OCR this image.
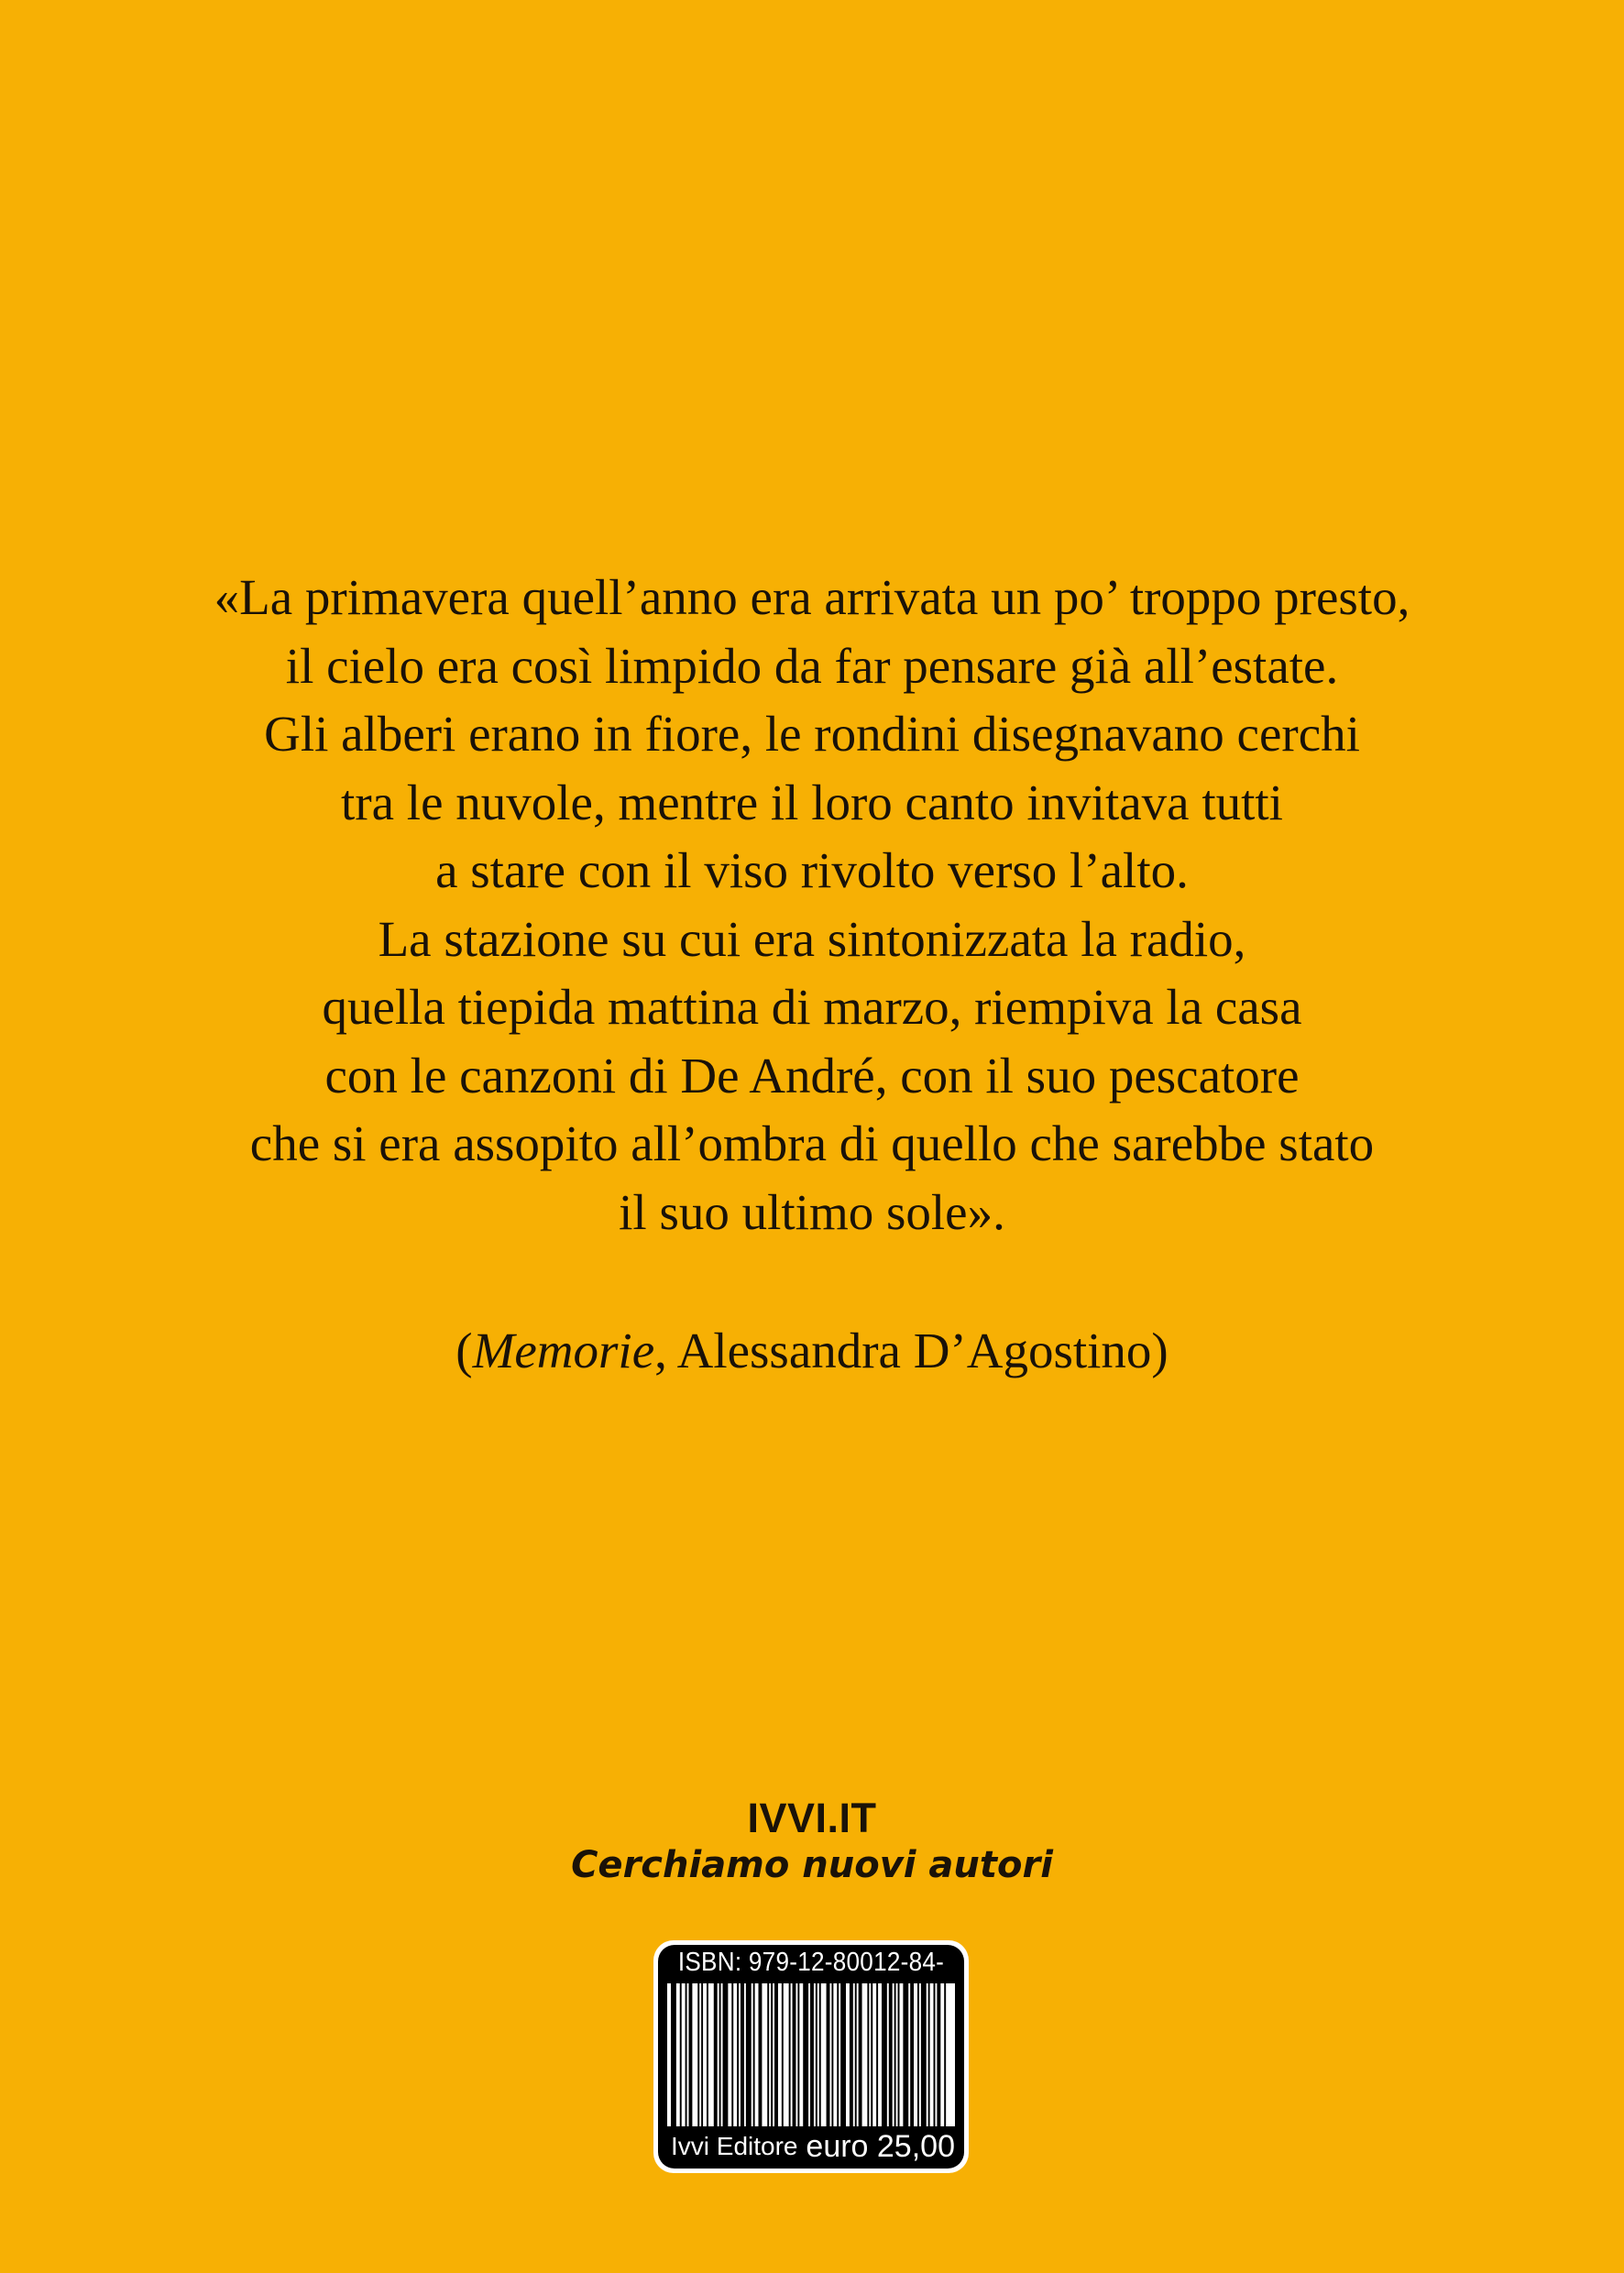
«La primavera quell’anno era arrivata un po’ troppo presto,
il cielo era così limpido da far pensare già all’estate.
Gli alberi erano in fiore, le rondini disegnavano cerchi
tra le nuvole, mentre il loro canto invitava tutti
a stare con il viso rivolto verso l’alto.
La stazione su cui era sintonizzata la radio,
quella tiepida mattina di marzo, riempiva la casa
con le canzoni di De André, con il suo pescatore
che si era assopito all’ombra di quello che sarebbe stato
il suo ultimo sole».
(Memorie, Alessandra D’Agostino)
IVVI.IT
Cerchiamo nuovi autori
ISBN: 979-12-80012-84-
Ivvi Editore euro 25,00
